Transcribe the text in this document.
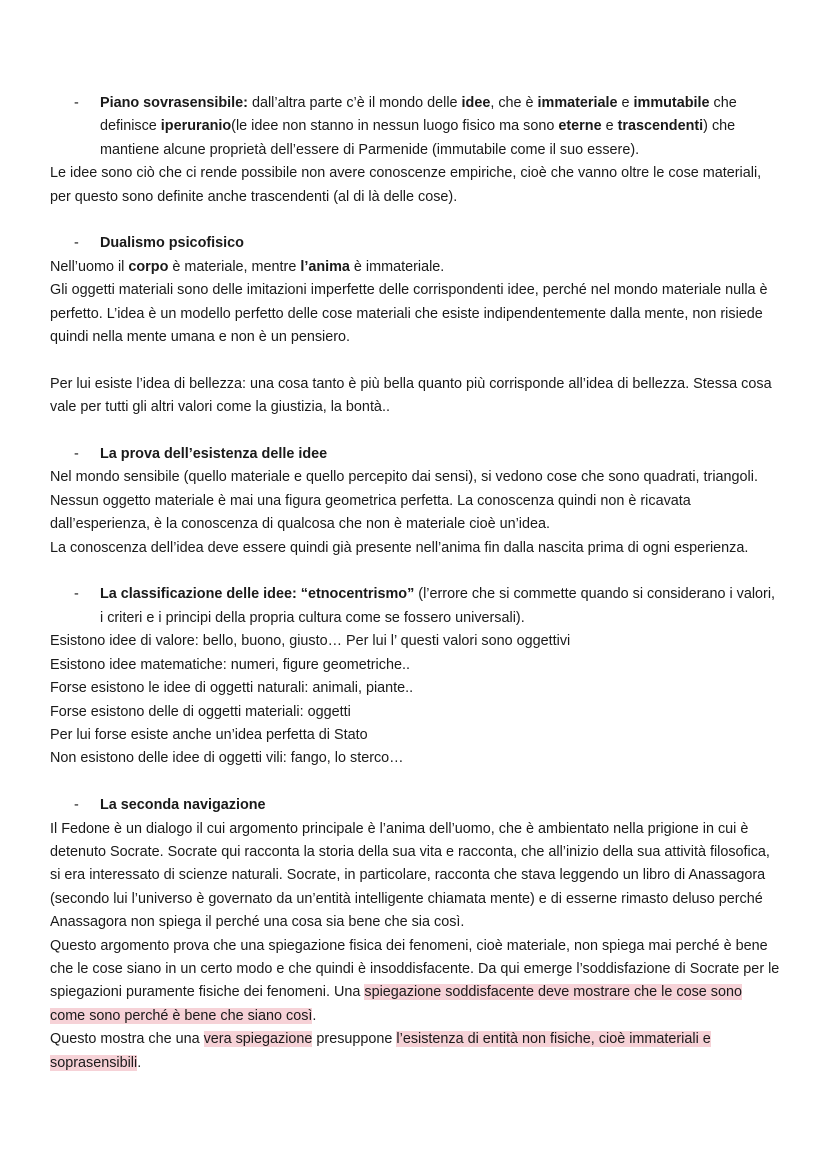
- Piano sovrasensibile: dall’altra parte c’è il mondo delle idee, che è immateriale e immutabile che definisce iperuranio(le idee non stanno in nessun luogo fisico ma sono eterne e trascendenti) che mantiene alcune proprietà dell’essere di Parmenide (immutabile come il suo essere).

Le idee sono ciò che ci rende possibile non avere conoscenze empiriche, cioè che vanno oltre le cose materiali, per questo sono definite anche trascendenti (al di là delle cose).

- Dualismo psicofisico

Nell’uomo il corpo è materiale, mentre l’anima è immateriale.

Gli oggetti materiali sono delle imitazioni imperfette delle corrispondenti idee, perché nel mondo materiale nulla è perfetto. L’idea è un modello perfetto delle cose materiali che esiste indipendentemente dalla mente, non risiede quindi nella mente umana e non è un pensiero.

Per lui esiste l’idea di bellezza: una cosa tanto è più bella quanto più corrisponde all’idea di bellezza. Stessa cosa vale per tutti gli altri valori come la giustizia, la bontà..

- La prova dell’esistenza delle idee

Nel mondo sensibile (quello materiale e quello percepito dai sensi), si vedono cose che sono quadrati, triangoli. Nessun oggetto materiale è mai una figura geometrica perfetta. La conoscenza quindi non è ricavata dall’esperienza, è la conoscenza di qualcosa che non è materiale cioè un’idea.

La conoscenza dell’idea deve essere quindi già presente nell’anima fin dalla nascita prima di ogni esperienza.

- La classificazione delle idee: “etnocentrismo” (l’errore che si commette quando si considerano i valori, i criteri e i principi della propria cultura come se fossero universali).

Esistono idee di valore: bello, buono, giusto… Per lui l’ questi valori sono oggettivi

Esistono idee matematiche: numeri, figure geometriche..

Forse esistono le idee di oggetti naturali: animali, piante..

Forse esistono delle di oggetti materiali: oggetti

Per lui forse esiste anche un’idea perfetta di Stato

Non esistono delle idee di oggetti vili: fango, lo sterco…

- La seconda navigazione

Il Fedone è un dialogo il cui argomento principale è l’anima dell’uomo, che è ambientato nella prigione in cui è detenuto Socrate. Socrate qui racconta la storia della sua vita e racconta, che all’inizio della sua attività filosofica, si era interessato di scienze naturali. Socrate, in particolare, racconta che stava leggendo un libro di Anassagora (secondo lui l’universo è governato da un’entità intelligente chiamata mente) e di esserne rimasto deluso perché Anassagora non spiega il perché una cosa sia bene che sia così.

Questo argomento prova che una spiegazione fisica dei fenomeni, cioè materiale, non spiega mai perché è bene che le cose siano in un certo modo e che quindi è insoddisfacente. Da qui emerge l’soddisfazione di Socrate per le spiegazioni puramente fisiche dei fenomeni. Una spiegazione soddisfacente deve mostrare che le cose sono come sono perché è bene che siano così.

Questo mostra che una vera spiegazione presuppone l’esistenza di entità non fisiche, cioè immateriali e soprasensibili.
